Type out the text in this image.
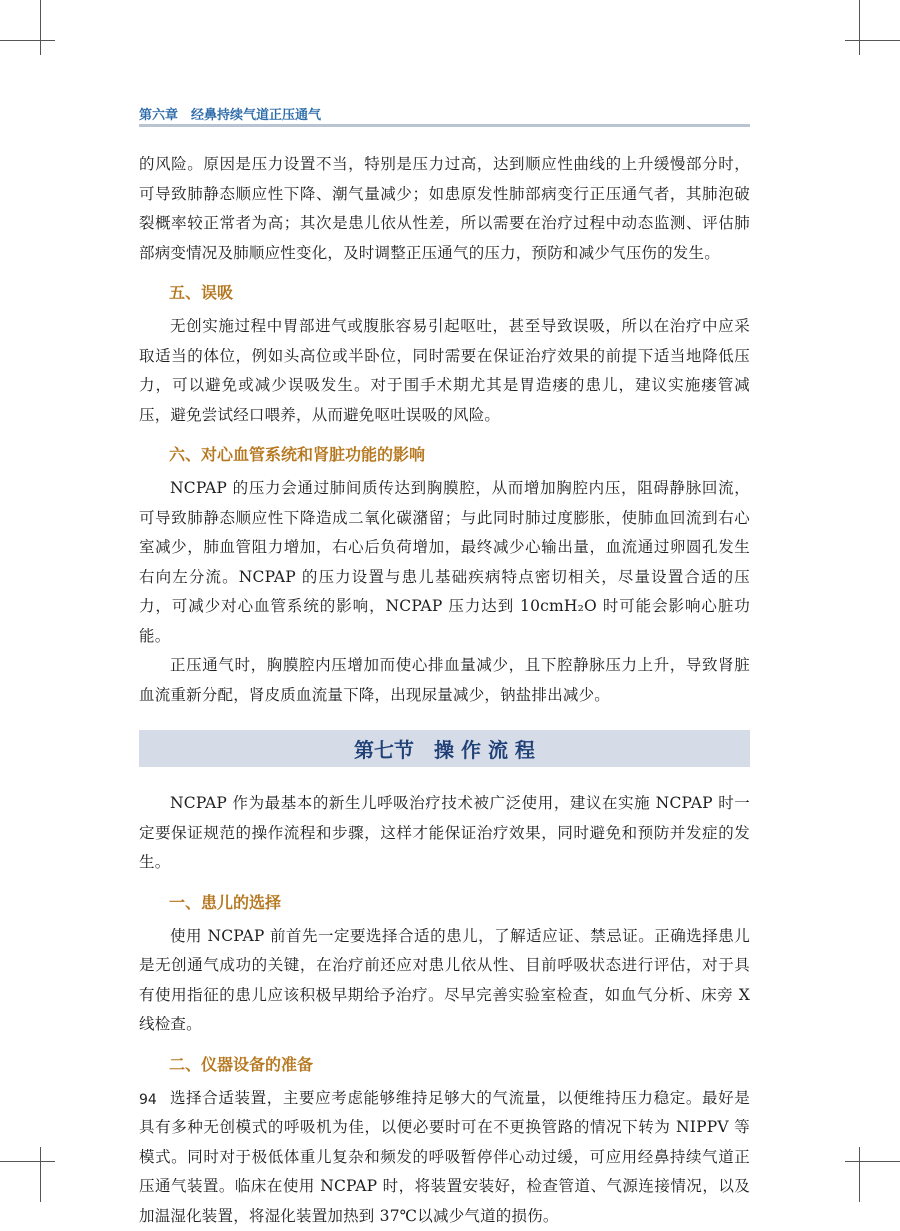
第六章　经鼻持续气道正压通气

的风险。原因是压力设置不当，特别是压力过高，达到顺应性曲线的上升缓慢部分时，可导致肺静态顺应性下降、潮气量减少；如患原发性肺部病变行正压通气者，其肺泡破裂概率较正常者为高；其次是患儿依从性差，所以需要在治疗过程中动态监测、评估肺部病变情况及肺顺应性变化，及时调整正压通气的压力，预防和减少气压伤的发生。

五、误吸

无创实施过程中胃部进气或腹胀容易引起呕吐，甚至导致误吸，所以在治疗中应采取适当的体位，例如头高位或半卧位，同时需要在保证治疗效果的前提下适当地降低压力，可以避免或减少误吸发生。对于围手术期尤其是胃造瘘的患儿，建议实施瘘管减压，避免尝试经口喂养，从而避免呕吐误吸的风险。

六、对心血管系统和肾脏功能的影响

NCPAP 的压力会通过肺间质传达到胸膜腔，从而增加胸腔内压，阻碍静脉回流，可导致肺静态顺应性下降造成二氧化碳潴留；与此同时肺过度膨胀，使肺血回流到右心室减少，肺血管阻力增加，右心后负荷增加，最终减少心输出量，血流通过卵圆孔发生右向左分流。NCPAP 的压力设置与患儿基础疾病特点密切相关，尽量设置合适的压力，可减少对心血管系统的影响，NCPAP 压力达到 10cmH₂O 时可能会影响心脏功能。

正压通气时，胸膜腔内压增加而使心排血量减少，且下腔静脉压力上升，导致肾脏血流重新分配，肾皮质血流量下降，出现尿量减少，钠盐排出减少。

第七节　操 作 流 程

NCPAP 作为最基本的新生儿呼吸治疗技术被广泛使用，建议在实施 NCPAP 时一定要保证规范的操作流程和步骤，这样才能保证治疗效果，同时避免和预防并发症的发生。

一、患儿的选择

使用 NCPAP 前首先一定要选择合适的患儿，了解适应证、禁忌证。正确选择患儿是无创通气成功的关键，在治疗前还应对患儿依从性、目前呼吸状态进行评估，对于具有使用指征的患儿应该积极早期给予治疗。尽早完善实验室检查，如血气分析、床旁 X 线检查。

二、仪器设备的准备

选择合适装置，主要应考虑能够维持足够大的气流量，以便维持压力稳定。最好是具有多种无创模式的呼吸机为佳，以便必要时可在不更换管路的情况下转为 NIPPV 等模式。同时对于极低体重儿复杂和频发的呼吸暂停伴心动过缓，可应用经鼻持续气道正压通气装置。临床在使用 NCPAP 时，将装置安装好，检查管道、气源连接情况，以及加温湿化装置，将湿化装置加热到 37℃以减少气道的损伤。

94
